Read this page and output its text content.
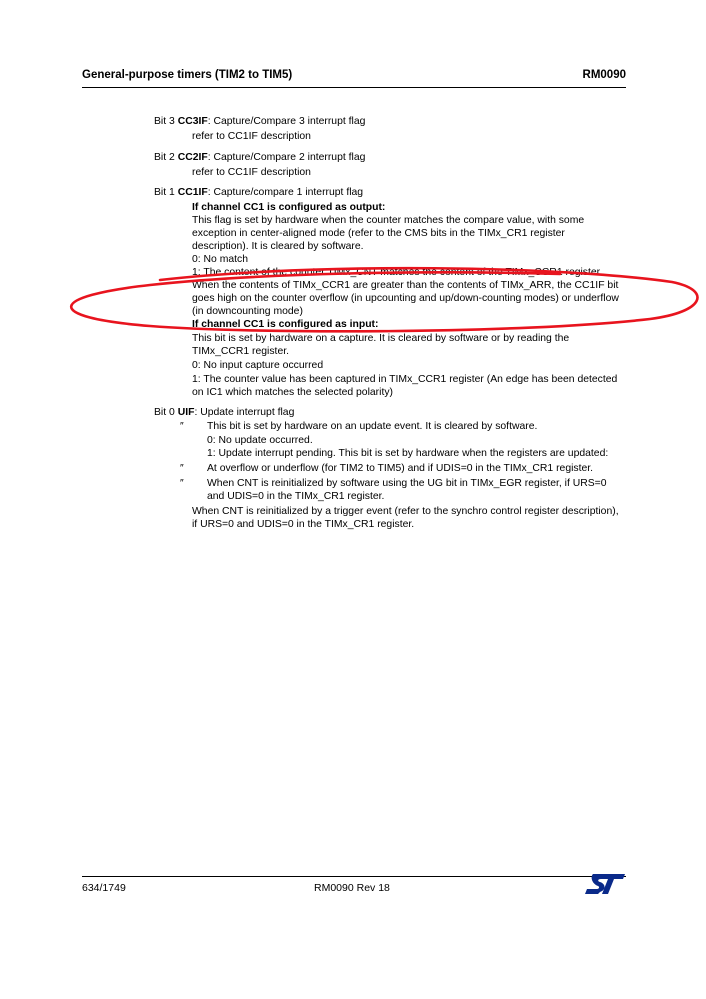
General-purpose timers (TIM2 to TIM5)	RM0090
Bit 3 CC3IF: Capture/Compare 3 interrupt flag
refer to CC1IF description
Bit 2 CC2IF: Capture/Compare 2 interrupt flag
refer to CC1IF description
Bit 1 CC1IF: Capture/compare 1 interrupt flag
If channel CC1 is configured as output:
This flag is set by hardware when the counter matches the compare value, with some
exception in center-aligned mode (refer to the CMS bits in the TIMx_CR1 register
description). It is cleared by software.
0: No match
1: The content of the counter TIMx_CNT matches the content of the TIMx_CCR1 register.
When the contents of TIMx_CCR1 are greater than the contents of TIMx_ARR, the CC1IF bit
goes high on the counter overflow (in upcounting and up/down-counting modes) or underflow
(in downcounting mode)
If channel CC1 is configured as input:
This bit is set by hardware on a capture. It is cleared by software or by reading the
TIMx_CCR1 register.
0: No input capture occurred
1: The counter value has been captured in TIMx_CCR1 register (An edge has been detected
on IC1 which matches the selected polarity)
Bit 0 UIF: Update interrupt flag
″ This bit is set by hardware on an update event. It is cleared by software.
0: No update occurred.
1: Update interrupt pending. This bit is set by hardware when the registers are updated:
″ At overflow or underflow (for TIM2 to TIM5) and if UDIS=0 in the TIMx_CR1 register.
″ When CNT is reinitialized by software using the UG bit in TIMx_EGR register, if URS=0
and UDIS=0 in the TIMx_CR1 register.
When CNT is reinitialized by a trigger event (refer to the synchro control register description),
if URS=0 and UDIS=0 in the TIMx_CR1 register.
634/1749	RM0090 Rev 18
